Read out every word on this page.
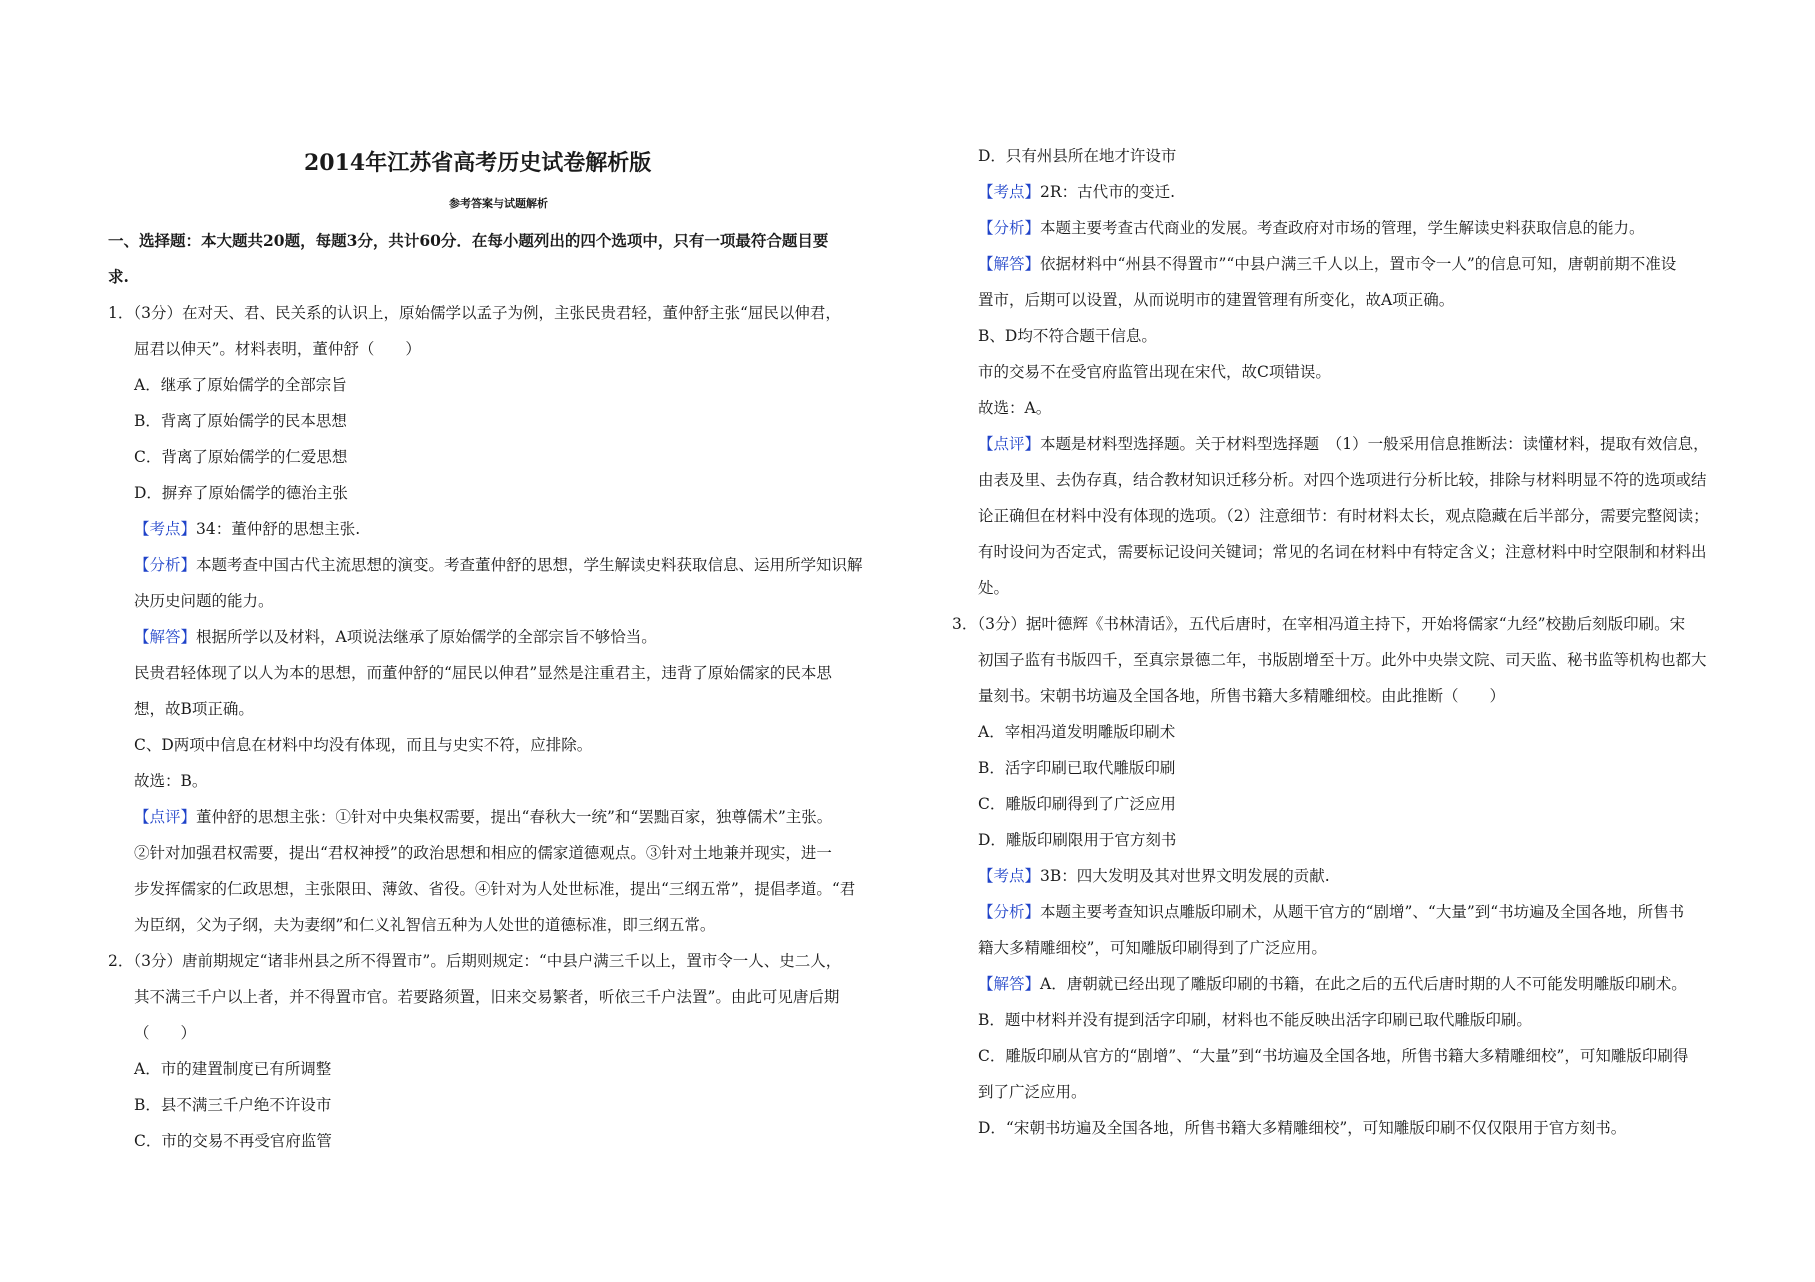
2014年江苏省高考历史试卷解析版
参考答案与试题解析
一、选择题：本大题共20题，每题3分，共计60分．在每小题列出的四个选项中，只有一项最符合题目要
求.
1．（3分）在对天、君、民关系的认识上，原始儒学以孟子为例，主张民贵君轻，董仲舒主张“屈民以伸君，
屈君以伸天”。材料表明，董仲舒（　　）
A．继承了原始儒学的全部宗旨
B．背离了原始儒学的民本思想
C．背离了原始儒学的仁爱思想
D．摒弃了原始儒学的德治主张
【 考点 】 34：董仲舒的思想主张.
【 分析 】 本题考查中国古代主流思想的演变。考查董仲舒的思想，学生解读史料获取信息、运用所学知识解
决历史问题的能力。
【 解答 】 根据所学以及材料，A项说法继承了原始儒学的全部宗旨不够恰当。
民贵君轻体现了以人为本的思想，而董仲舒的“屈民以伸君”显然是注重君主，违背了原始儒家的民本思
想，故B项正确。
C、D两项中信息在材料中均没有体现，而且与史实不符，应排除。
故选：B。
【 点评 】 董仲舒的思想主张：①针对中央集权需要，提出“春秋大一统”和“罢黜百家，独尊儒术”主张。
②针对加强君权需要，提出“君权神授”的政治思想和相应的儒家道德观点。③针对土地兼并现实，进一
步发挥儒家的仁政思想，主张限田、薄敛、省役。④针对为人处世标准，提出“三纲五常”，提倡孝道。“君
为臣纲，父为子纲，夫为妻纲”和仁义礼智信五种为人处世的道德标准，即三纲五常。
2．（3分）唐前期规定“诸非州县之所不得置市”。后期则规定：“中县户满三千以上，置市令一人、史二人，
其不满三千户以上者，并不得置市官。若要路须置，旧来交易繁者，听依三千户法置”。由此可见唐后期
（　　）
A．市的建置制度已有所调整
B．县不满三千户绝不许设市
C．市的交易不再受官府监管
D．只有州县所在地才许设市
【 考点 】 2R：古代市的变迁.
【 分析 】 本题主要考查古代商业的发展。考查政府对市场的管理，学生解读史料获取信息的能力。
【 解答 】 依据材料中“州县不得置市”“中县户满三千人以上，置市令一人”的信息可知，唐朝前期不准设
置市，后期可以设置，从而说明市的建置管理有所变化，故A项正确。
B、D均不符合题干信息。
市的交易不在受官府监管出现在宋代，故C项错误。
故选：A。
【 点评 】 本题是材料型选择题。关于材料型选择题　（1）一般采用信息推断法：读懂材料，提取有效信息，
由表及里、去伪存真，结合教材知识迁移分析。对四个选项进行分析比较，排除与材料明显不符的选项或结
论正确但在材料中没有体现的选项。（2）注意细节：有时材料太长，观点隐藏在后半部分，需要完整阅读；
有时设问为否定式，需要标记设问关键词；常见的名词在材料中有特定含义；注意材料中时空限制和材料出
处。
3．（3分）据叶德辉《书林清话》，五代后唐时，在宰相冯道主持下，开始将儒家“九经”校勘后刻版印刷。宋
初国子监有书版四千，至真宗景德二年，书版剧增至十万。此外中央崇文院、司天监、秘书监等机构也都大
量刻书。宋朝书坊遍及全国各地，所售书籍大多精雕细校。由此推断（　　）
A．宰相冯道发明雕版印刷术
B．活字印刷已取代雕版印刷
C．雕版印刷得到了广泛应用
D．雕版印刷限用于官方刻书
【 考点 】 3B：四大发明及其对世界文明发展的贡献.
【 分析 】 本题主要考查知识点雕版印刷术，从题干官方的“剧增”、“大量”到“书坊遍及全国各地，所售书
籍大多精雕细校”，可知雕版印刷得到了广泛应用。
【 解答 】 A．唐朝就已经出现了雕版印刷的书籍，在此之后的五代后唐时期的人不可能发明雕版印刷术。
B．题中材料并没有提到活字印刷，材料也不能反映出活字印刷已取代雕版印刷。
C．雕版印刷从官方的“剧增”、“大量”到“书坊遍及全国各地，所售书籍大多精雕细校”，可知雕版印刷得
到了广泛应用。
D．“宋朝书坊遍及全国各地，所售书籍大多精雕细校”，可知雕版印刷不仅仅限用于官方刻书。
